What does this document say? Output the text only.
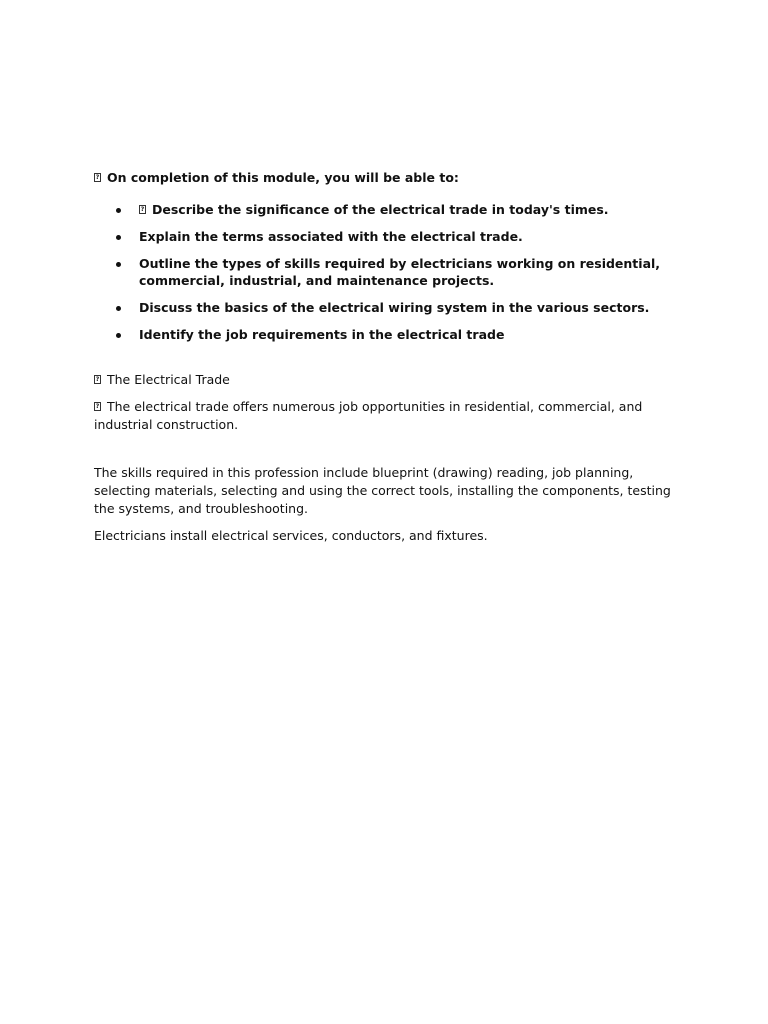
?On completion of this module, you will be able to:

?Describe the significance of the electrical trade in today's times.
Explain the terms associated with the electrical trade.
Outline the types of skills required by electricians working on residential, commercial, industrial, and maintenance projects.
Discuss the basics of the electrical wiring system in the various sectors.
Identify the job requirements in the electrical trade

?The Electrical Trade

?The electrical trade offers numerous job opportunities in residential, commercial, and industrial construction.

The skills required in this profession include blueprint (drawing) reading, job planning, selecting materials, selecting and using the correct tools, installing the components, testing the systems, and troubleshooting.

Electricians install electrical services, conductors, and fixtures.
